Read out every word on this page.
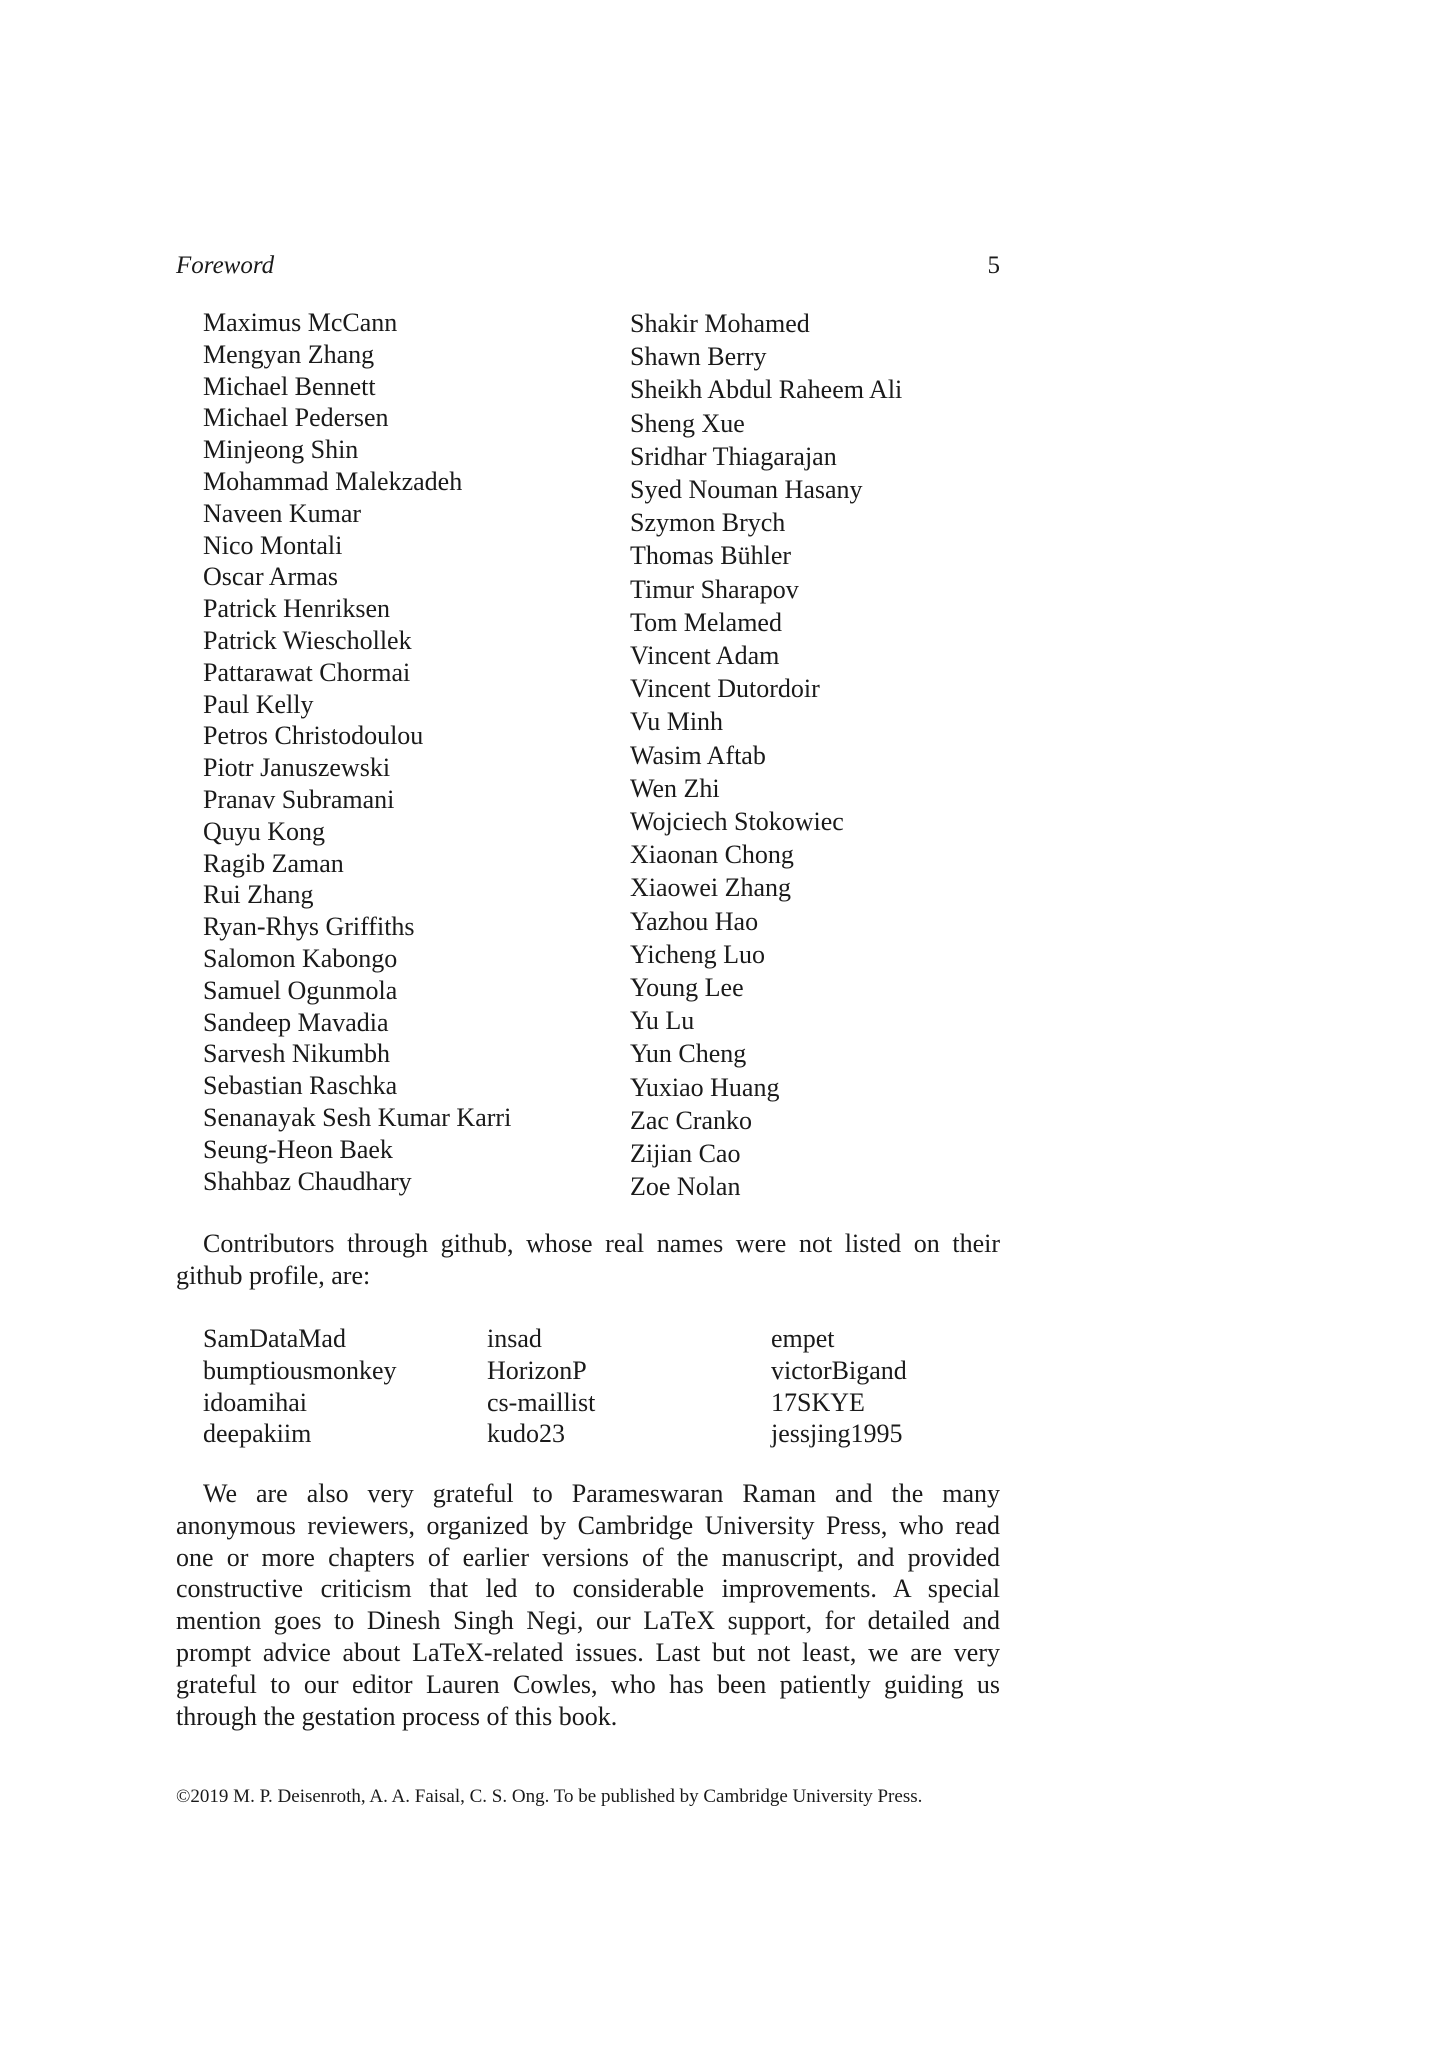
Foreword	5
Maximus McCann
Mengyan Zhang
Michael Bennett
Michael Pedersen
Minjeong Shin
Mohammad Malekzadeh
Naveen Kumar
Nico Montali
Oscar Armas
Patrick Henriksen
Patrick Wieschollek
Pattarawat Chormai
Paul Kelly
Petros Christodoulou
Piotr Januszewski
Pranav Subramani
Quyu Kong
Ragib Zaman
Rui Zhang
Ryan-Rhys Griffiths
Salomon Kabongo
Samuel Ogunmola
Sandeep Mavadia
Sarvesh Nikumbh
Sebastian Raschka
Senanayak Sesh Kumar Karri
Seung-Heon Baek
Shahbaz Chaudhary
Shakir Mohamed
Shawn Berry
Sheikh Abdul Raheem Ali
Sheng Xue
Sridhar Thiagarajan
Syed Nouman Hasany
Szymon Brych
Thomas Bühler
Timur Sharapov
Tom Melamed
Vincent Adam
Vincent Dutordoir
Vu Minh
Wasim Aftab
Wen Zhi
Wojciech Stokowiec
Xiaonan Chong
Xiaowei Zhang
Yazhou Hao
Yicheng Luo
Young Lee
Yu Lu
Yun Cheng
Yuxiao Huang
Zac Cranko
Zijian Cao
Zoe Nolan
Contributors through github, whose real names were not listed on their github profile, are:
SamDataMad	insad	empet
bumptiousmonkey	HorizonP	victorBigand
idoamihai	cs-maillist	17SKYE
deepakiim	kudo23	jessjing1995
We are also very grateful to Parameswaran Raman and the many anonymous reviewers, organized by Cambridge University Press, who read one or more chapters of earlier versions of the manuscript, and provided constructive criticism that led to considerable improvements. A special mention goes to Dinesh Singh Negi, our LaTeX support, for detailed and prompt advice about LaTeX-related issues. Last but not least, we are very grateful to our editor Lauren Cowles, who has been patiently guiding us through the gestation process of this book.
©2019 M. P. Deisenroth, A. A. Faisal, C. S. Ong. To be published by Cambridge University Press.
